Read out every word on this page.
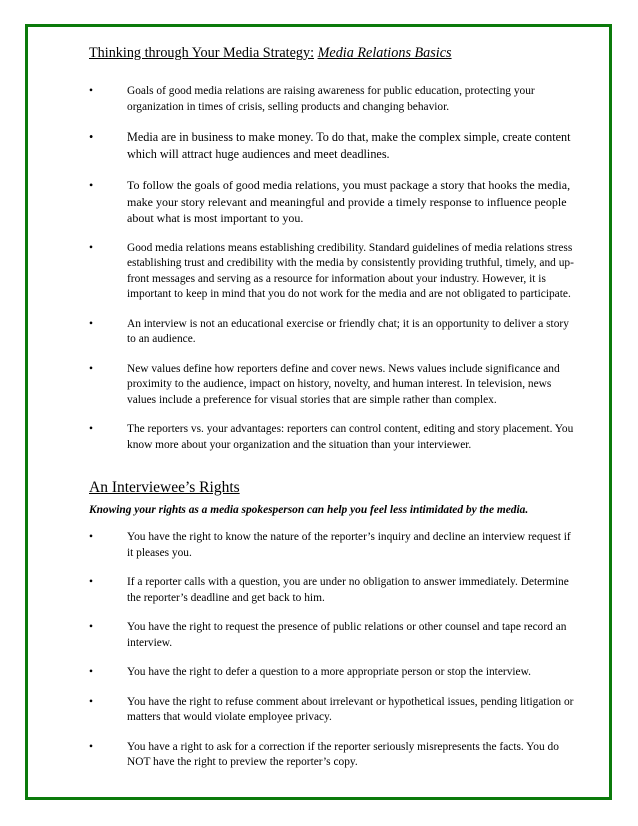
Thinking through Your Media Strategy: Media Relations Basics
•	Goals of good media relations are raising awareness for public education, protecting your organization in times of crisis, selling products and changing behavior.
•	Media are in business to make money. To do that, make the complex simple, create content which will attract huge audiences and meet deadlines.
•	To follow the goals of good media relations, you must package a story that hooks the media, make your story relevant and meaningful and provide a timely response to influence people about what is most important to you.
•	Good media relations means establishing credibility. Standard guidelines of media relations stress establishing trust and credibility with the media by consistently providing truthful, timely, and up-front messages and serving as a resource for information about your industry. However, it is important to keep in mind that you do not work for the media and are not obligated to participate.
•	An interview is not an educational exercise or friendly chat; it is an opportunity to deliver a story to an audience.
•	New values define how reporters define and cover news. News values include significance and proximity to the audience, impact on history, novelty, and human interest. In television, news values include a preference for visual stories that are simple rather than complex.
•	The reporters vs. your advantages: reporters can control content, editing and story placement. You know more about your organization and the situation than your interviewer.
An Interviewee’s Rights
Knowing your rights as a media spokesperson can help you feel less intimidated by the media.
•	You have the right to know the nature of the reporter’s inquiry and decline an interview request if it pleases you.
•	If a reporter calls with a question, you are under no obligation to answer immediately. Determine the reporter’s deadline and get back to him.
•	You have the right to request the presence of public relations or other counsel and tape record an interview.
•	You have the right to defer a question to a more appropriate person or stop the interview.
•	You have the right to refuse comment about irrelevant or hypothetical issues, pending litigation or matters that would violate employee privacy.
•	You have a right to ask for a correction if the reporter seriously misrepresents the facts. You do NOT have the right to preview the reporter’s copy.
